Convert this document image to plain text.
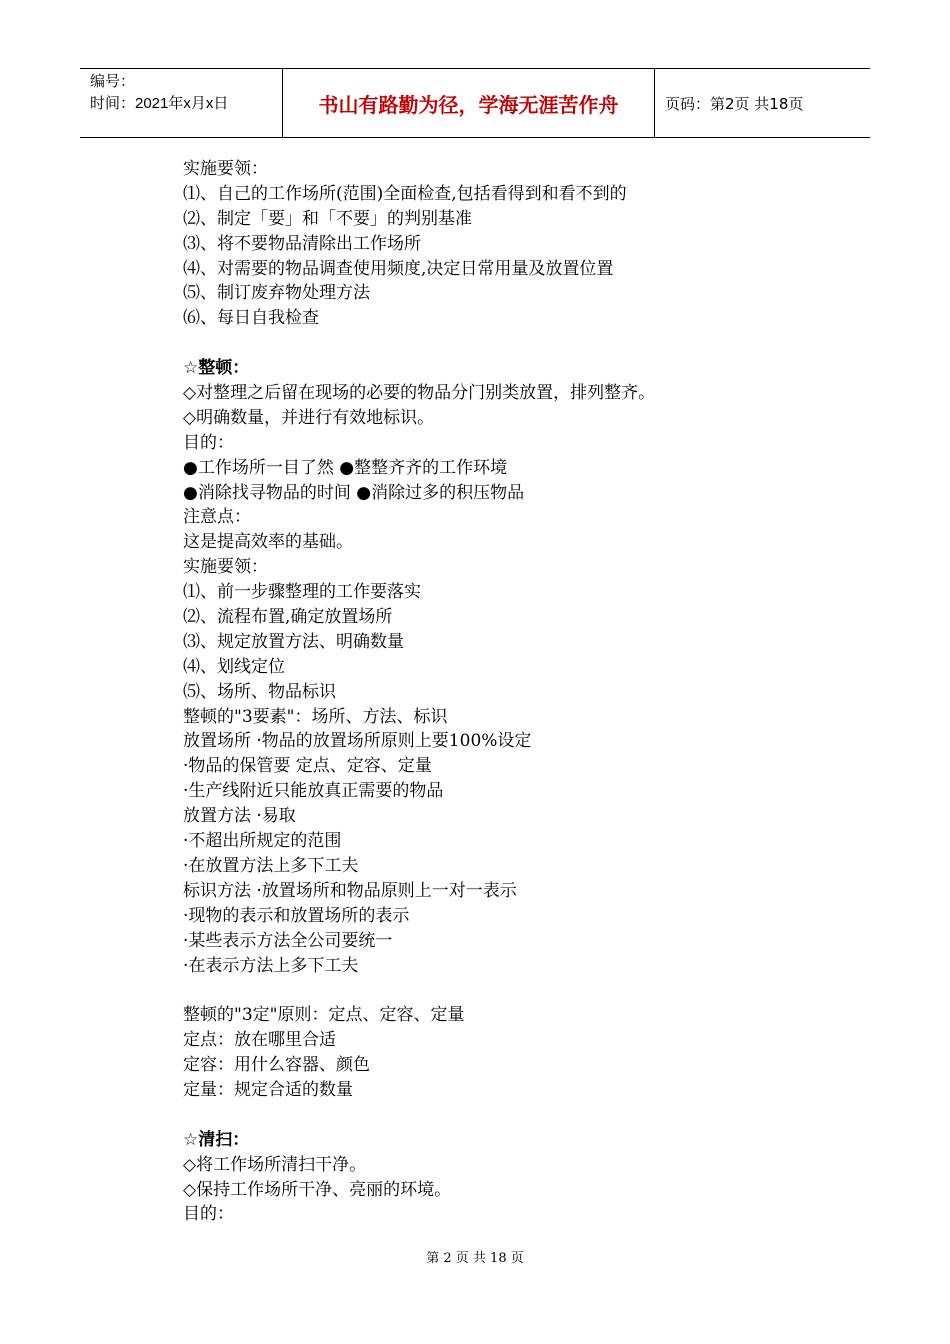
编号：
时间：2021年x月x日	书山有路勤为径，学海无涯苦作舟	页码：第2页 共18页
实施要领：
⑴、自己的工作场所(范围)全面检查,包括看得到和看不到的
⑵、制定「要」和「不要」的判别基准
⑶、将不要物品清除出工作场所
⑷、对需要的物品调查使用频度,决定日常用量及放置位置
⑸、制订废弃物处理方法
⑹、每日自我检查
☆整顿：
◇对整理之后留在现场的必要的物品分门别类放置，排列整齐。
◇明确数量，并进行有效地标识。
目的：
●工作场所一目了然 ●整整齐齐的工作环境
●消除找寻物品的时间 ●消除过多的积压物品
注意点：
这是提高效率的基础。
实施要领：
⑴、前一步骤整理的工作要落实
⑵、流程布置,确定放置场所
⑶、规定放置方法、明确数量
⑷、划线定位
⑸、场所、物品标识
整顿的"3要素"：场所、方法、标识
放置场所 ·物品的放置场所原则上要100%设定
·物品的保管要 定点、定容、定量
·生产线附近只能放真正需要的物品
放置方法 ·易取
·不超出所规定的范围
·在放置方法上多下工夫
标识方法 ·放置场所和物品原则上一对一表示
·现物的表示和放置场所的表示
·某些表示方法全公司要统一
·在表示方法上多下工夫
整顿的"3定"原则：定点、定容、定量
定点：放在哪里合适
定容：用什么容器、颜色
定量：规定合适的数量
☆清扫：
◇将工作场所清扫干净。
◇保持工作场所干净、亮丽的环境。
目的：
第 2 页 共 18 页
